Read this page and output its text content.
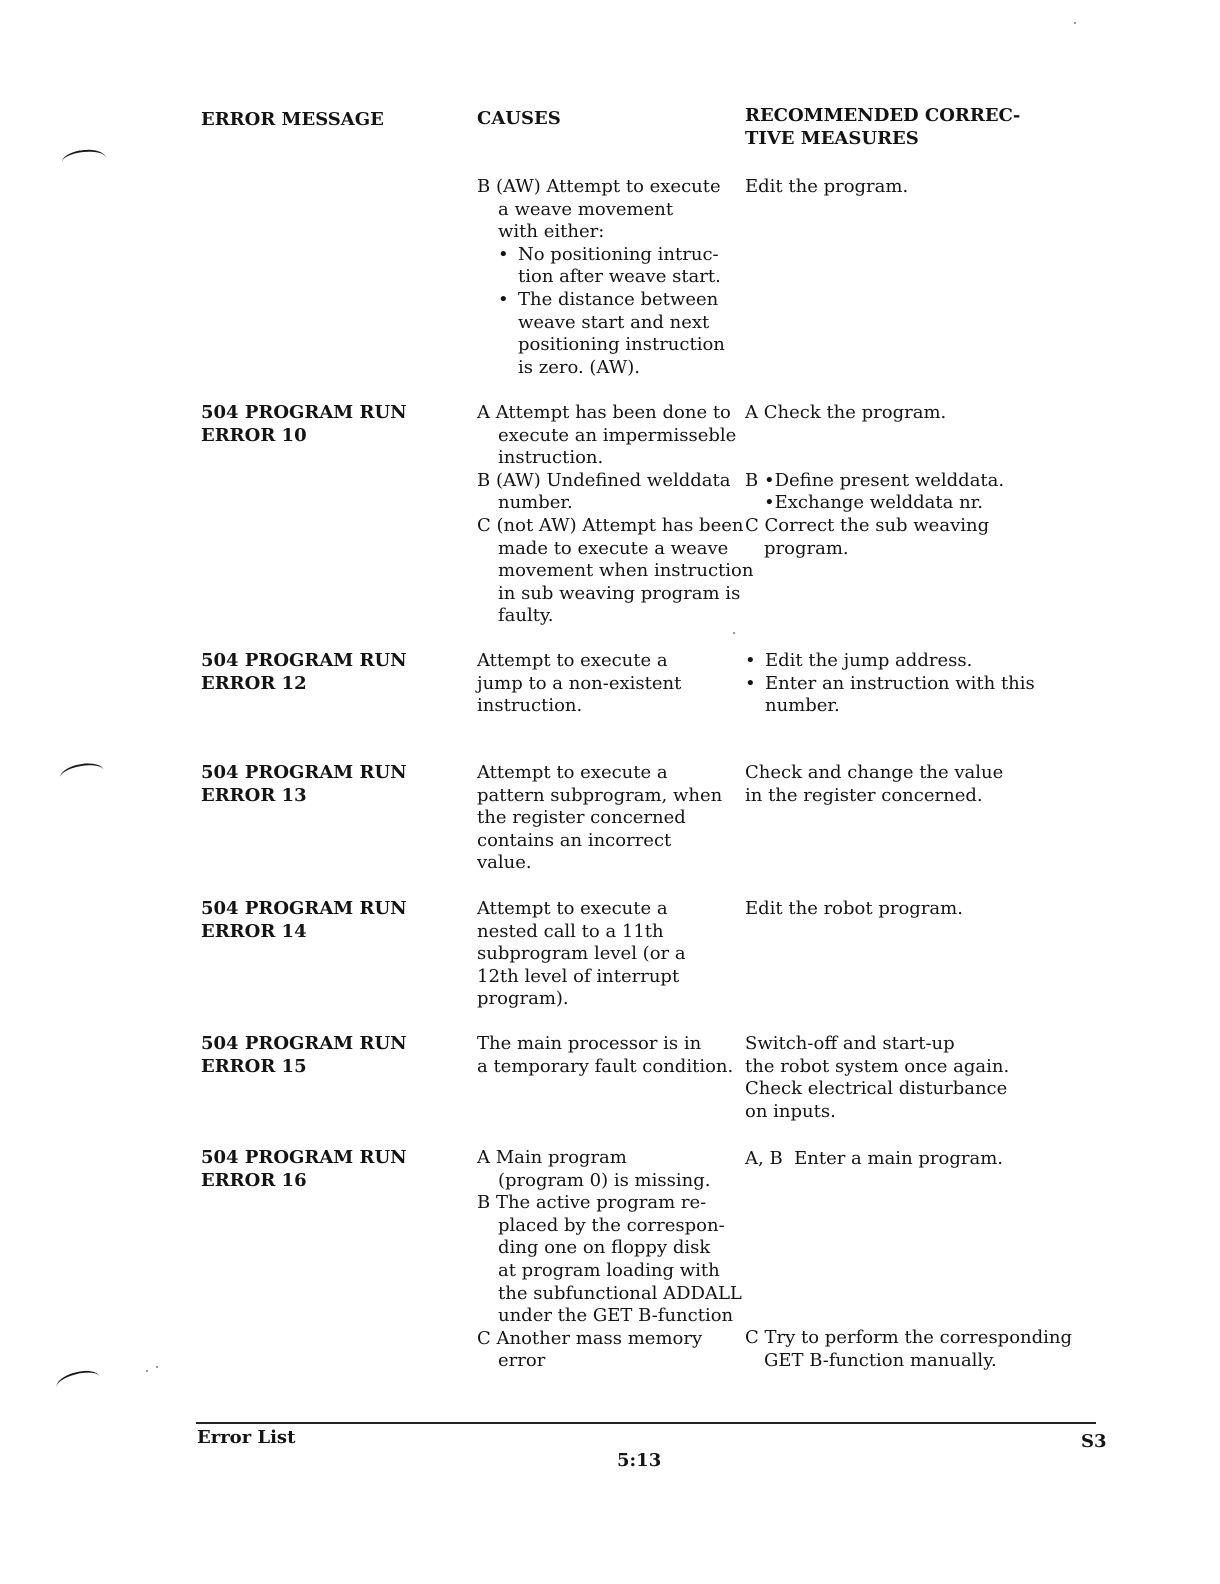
ERROR MESSAGE	CAUSES	RECOMMENDED CORREC-
TIVE MEASURES
B (AW) Attempt to execute
a weave movement
with either:
• No positioning intruc-
tion after weave start.
• The distance between
weave start and next
positioning instruction
is zero. (AW).
Edit the program.
504 PROGRAM RUN
ERROR 10
A Attempt has been done to
execute an impermisseble
instruction.
B (AW) Undefined welddata
number.
C (not AW) Attempt has been
made to execute a weave
movement when instruction
in sub weaving program is
faulty.
A Check the program.
B •Define present welddata.
•Exchange welddata nr.
C Correct the sub weaving
program.
504 PROGRAM RUN
ERROR 12
Attempt to execute a
jump to a non-existent
instruction.
• Edit the jump address.
• Enter an instruction with this
number.
504 PROGRAM RUN
ERROR 13
Attempt to execute a
pattern subprogram, when
the register concerned
contains an incorrect
value.
Check and change the value
in the register concerned.
504 PROGRAM RUN
ERROR 14
Attempt to execute a
nested call to a 11th
subprogram level (or a
12th level of interrupt
program).
Edit the robot program.
504 PROGRAM RUN
ERROR 15
The main processor is in
a temporary fault condition.
Switch-off and start-up
the robot system once again.
Check electrical disturbance
on inputs.
504 PROGRAM RUN
ERROR 16
A Main program
(program 0) is missing.
B The active program re-
placed by the correspon-
ding one on floppy disk
at program loading with
the subfunctional ADDALL
under the GET B-function
C Another mass memory
error
A, B  Enter a main program.
C Try to perform the corresponding
GET B-function manually.
Error List
5:13
S3
